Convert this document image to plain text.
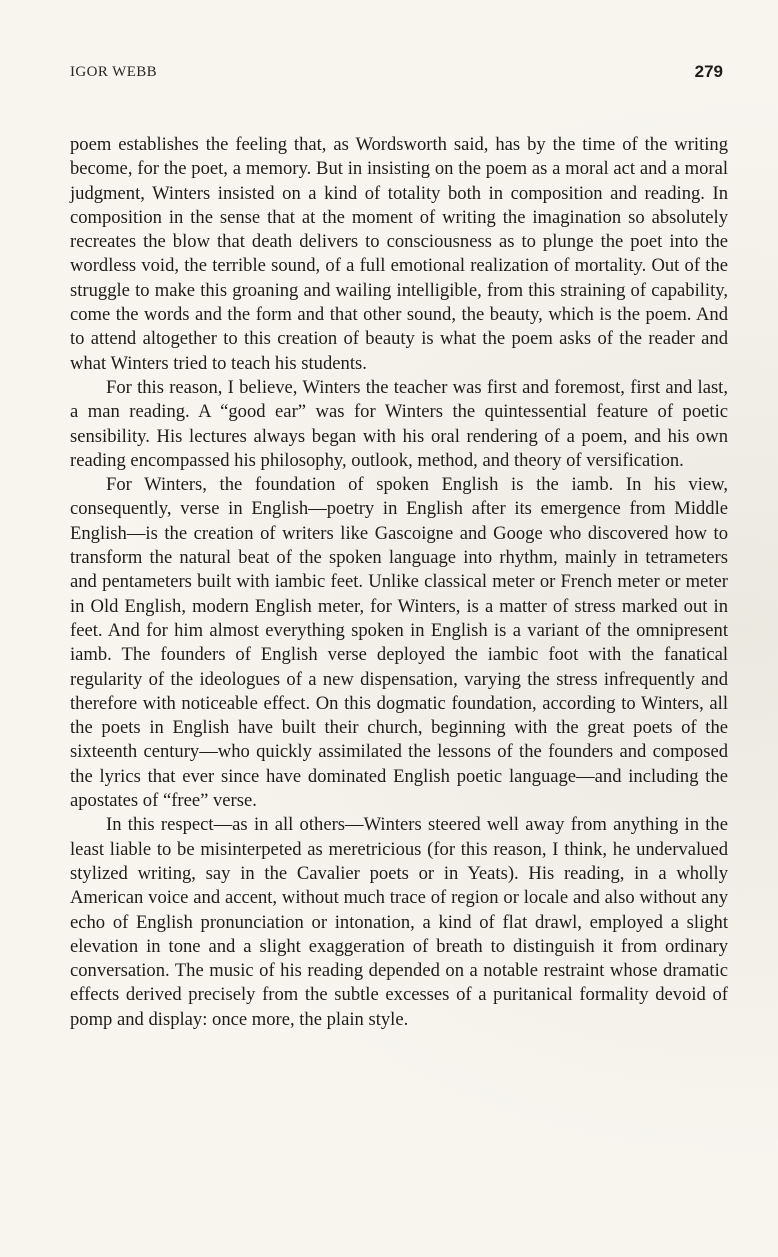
IGOR WEBB	279

poem establishes the feeling that, as Wordsworth said, has by the time of the writing become, for the poet, a memory. But in insisting on the poem as a moral act and a moral judgment, Winters insisted on a kind of totality both in composition and reading. In composition in the sense that at the moment of writing the imagination so absolutely recreates the blow that death delivers to consciousness as to plunge the poet into the wordless void, the terrible sound, of a full emotional realization of mortality. Out of the struggle to make this groaning and wailing intelligible, from this straining of capability, come the words and the form and that other sound, the beauty, which is the poem. And to attend altogether to this creation of beauty is what the poem asks of the reader and what Winters tried to teach his students.

For this reason, I believe, Winters the teacher was first and foremost, first and last, a man reading. A “good ear” was for Winters the quintessential feature of poetic sensibility. His lectures always began with his oral rendering of a poem, and his own reading encompassed his philosophy, outlook, method, and theory of versification.

For Winters, the foundation of spoken English is the iamb. In his view, consequently, verse in English—poetry in English after its emergence from Middle English—is the creation of writers like Gascoigne and Googe who discovered how to transform the natural beat of the spoken language into rhythm, mainly in tetrameters and pentameters built with iambic feet. Unlike classical meter or French meter or meter in Old English, modern English meter, for Winters, is a matter of stress marked out in feet. And for him almost everything spoken in English is a variant of the omnipresent iamb. The founders of English verse deployed the iambic foot with the fanatical regularity of the ideologues of a new dispensation, varying the stress infrequently and therefore with noticeable effect. On this dogmatic foundation, according to Winters, all the poets in English have built their church, beginning with the great poets of the sixteenth century—who quickly assimilated the lessons of the founders and composed the lyrics that ever since have dominated English poetic language—and including the apostates of “free” verse.

In this respect—as in all others—Winters steered well away from anything in the least liable to be misinterpeted as meretricious (for this reason, I think, he undervalued stylized writing, say in the Cavalier poets or in Yeats). His reading, in a wholly American voice and accent, without much trace of region or locale and also without any echo of English pronunciation or intonation, a kind of flat drawl, employed a slight elevation in tone and a slight exaggeration of breath to distinguish it from ordinary conversation. The music of his reading depended on a notable restraint whose dramatic effects derived precisely from the subtle excesses of a puritanical formality devoid of pomp and display: once more, the plain style.
